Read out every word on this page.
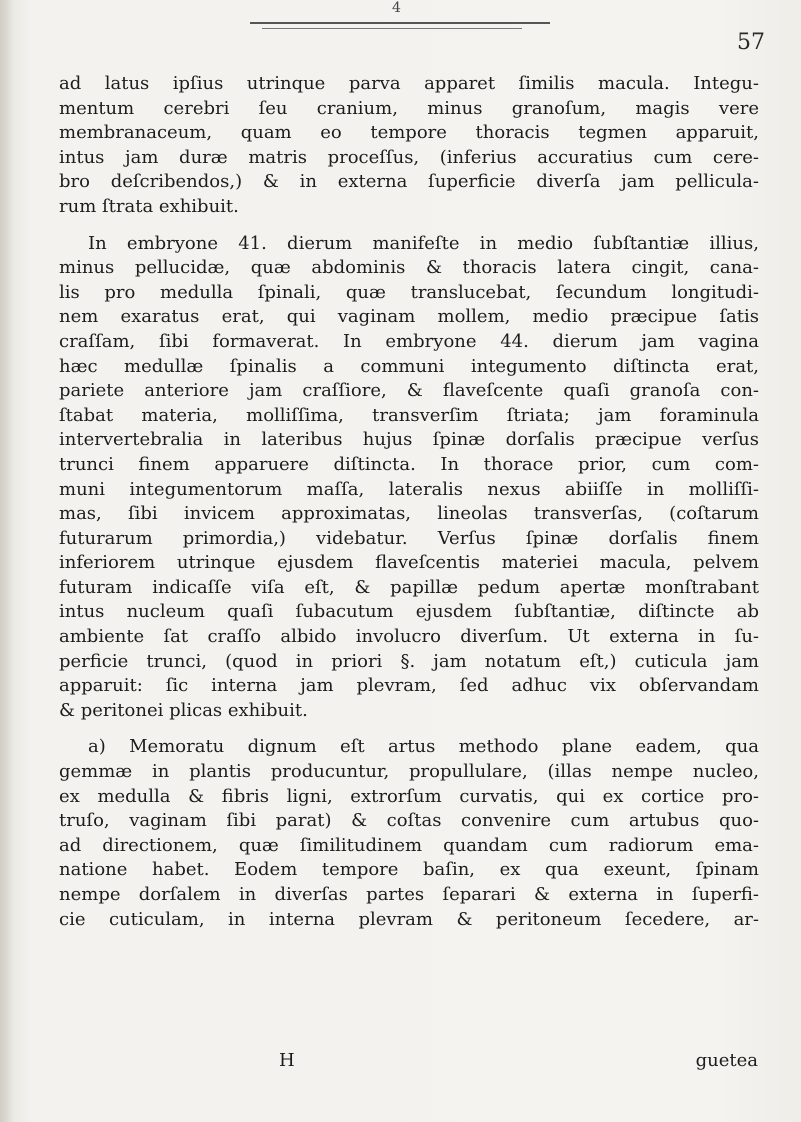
4
57
ad latus ipſius utrinque parva apparet ſimilis macula. Integu-
mentum cerebri ſeu cranium, minus granoſum, magis vere
membranaceum, quam eo tempore thoracis tegmen apparuit,
intus jam duræ matris proceſſus, (inferius accuratius cum cere-
bro deſcribendos,) & in externa ſuperficie diverſa jam pellicula-
rum ſtrata exhibuit.
In embryone 41. dierum manifeſte in medio ſubſtantiæ illius,
minus pellucidæ, quæ abdominis & thoracis latera cingit, cana-
lis pro medulla ſpinali, quæ translucebat, ſecundum longitudi-
nem exaratus erat, qui vaginam mollem, medio præcipue ſatis
craſſam, ſibi formaverat. In embryone 44. dierum jam vagina
hæc medullæ ſpinalis a communi integumento diſtincta erat,
pariete anteriore jam craſſiore, & flaveſcente quaſi granoſa con-
ſtabat materia, molliſſima, transverſim ſtriata; jam foraminula
intervertebralia in lateribus hujus ſpinæ dorſalis præcipue verſus
trunci finem apparuere diſtincta. In thorace prior, cum com-
muni integumentorum maſſa, lateralis nexus abiiſſe in molliſſi-
mas, ſibi invicem approximatas, lineolas transverſas, (coſtarum
futurarum primordia,) videbatur. Verſus ſpinæ dorſalis finem
inferiorem utrinque ejusdem flaveſcentis materiei macula, pelvem
futuram indicaſſe viſa eſt, & papillæ pedum apertæ monſtrabant
intus nucleum quaſi ſubacutum ejusdem ſubſtantiæ, diſtincte ab
ambiente ſat craſſo albido involucro diverſum. Ut externa in ſu-
perficie trunci, (quod in priori §. jam notatum eſt,) cuticula jam
apparuit: ſic interna jam plevram, ſed adhuc vix obſervandam
& peritonei plicas exhibuit.
a) Memoratu dignum eſt artus methodo plane eadem, qua
gemmæ in plantis producuntur, propullulare, (illas nempe nucleo,
ex medulla & fibris ligni, extrorſum curvatis, qui ex cortice pro-
truſo, vaginam ſibi parat) & coſtas convenire cum artubus quo-
ad directionem, quæ ſimilitudinem quandam cum radiorum ema-
natione habet. Eodem tempore baſin, ex qua exeunt, ſpinam
nempe dorſalem in diverſas partes ſeparari & externa in ſuperfi-
cie cuticulam, in interna plevram & peritoneum ſecedere, ar-
H	guetea
